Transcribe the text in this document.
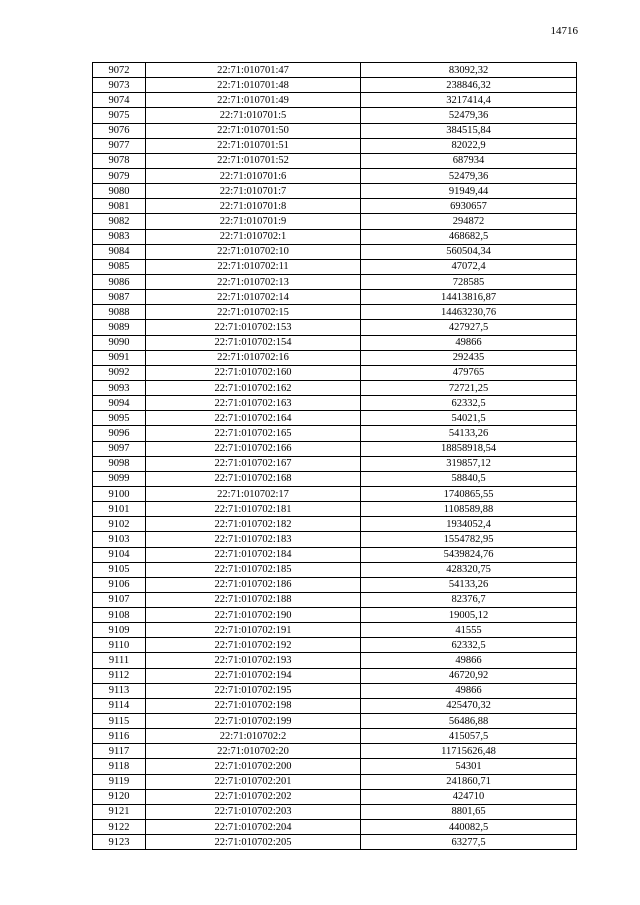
14716
9072	22:71:010701:47	83092,32
9073	22:71:010701:48	238846,32
9074	22:71:010701:49	3217414,4
9075	22:71:010701:5	52479,36
9076	22:71:010701:50	384515,84
9077	22:71:010701:51	82022,9
9078	22:71:010701:52	687934
9079	22:71:010701:6	52479,36
9080	22:71:010701:7	91949,44
9081	22:71:010701:8	6930657
9082	22:71:010701:9	294872
9083	22:71:010702:1	468682,5
9084	22:71:010702:10	560504,34
9085	22:71:010702:11	47072,4
9086	22:71:010702:13	728585
9087	22:71:010702:14	14413816,87
9088	22:71:010702:15	14463230,76
9089	22:71:010702:153	427927,5
9090	22:71:010702:154	49866
9091	22:71:010702:16	292435
9092	22:71:010702:160	479765
9093	22:71:010702:162	72721,25
9094	22:71:010702:163	62332,5
9095	22:71:010702:164	54021,5
9096	22:71:010702:165	54133,26
9097	22:71:010702:166	18858918,54
9098	22:71:010702:167	319857,12
9099	22:71:010702:168	58840,5
9100	22:71:010702:17	1740865,55
9101	22:71:010702:181	1108589,88
9102	22:71:010702:182	1934052,4
9103	22:71:010702:183	1554782,95
9104	22:71:010702:184	5439824,76
9105	22:71:010702:185	428320,75
9106	22:71:010702:186	54133,26
9107	22:71:010702:188	82376,7
9108	22:71:010702:190	19005,12
9109	22:71:010702:191	41555
9110	22:71:010702:192	62332,5
9111	22:71:010702:193	49866
9112	22:71:010702:194	46720,92
9113	22:71:010702:195	49866
9114	22:71:010702:198	425470,32
9115	22:71:010702:199	56486,88
9116	22:71:010702:2	415057,5
9117	22:71:010702:20	11715626,48
9118	22:71:010702:200	54301
9119	22:71:010702:201	241860,71
9120	22:71:010702:202	424710
9121	22:71:010702:203	8801,65
9122	22:71:010702:204	440082,5
9123	22:71:010702:205	63277,5
